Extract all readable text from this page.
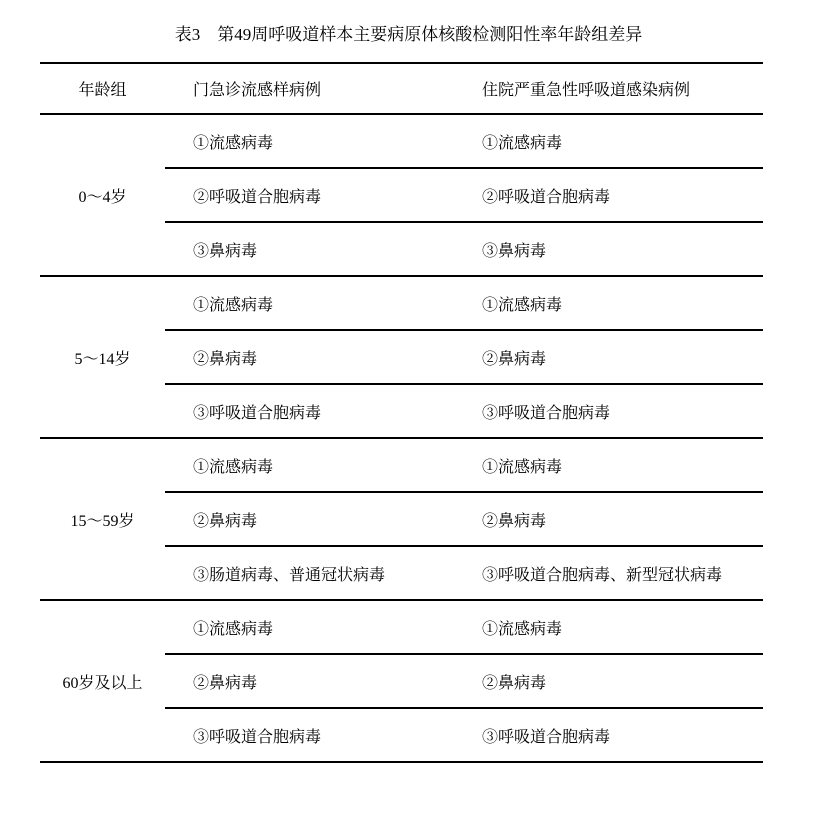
表3　第49周呼吸道样本主要病原体核酸检测阳性率年龄组差异
年龄组	门急诊流感样病例	住院严重急性呼吸道感染病例
0～4岁	①流感病毒	①流感病毒
	②呼吸道合胞病毒	②呼吸道合胞病毒
	③鼻病毒	③鼻病毒
5～14岁	①流感病毒	①流感病毒
	②鼻病毒	②鼻病毒
	③呼吸道合胞病毒	③呼吸道合胞病毒
15～59岁	①流感病毒	①流感病毒
	②鼻病毒	②鼻病毒
	③肠道病毒、普通冠状病毒	③呼吸道合胞病毒、新型冠状病毒
60岁及以上	①流感病毒	①流感病毒
	②鼻病毒	②鼻病毒
	③呼吸道合胞病毒	③呼吸道合胞病毒
